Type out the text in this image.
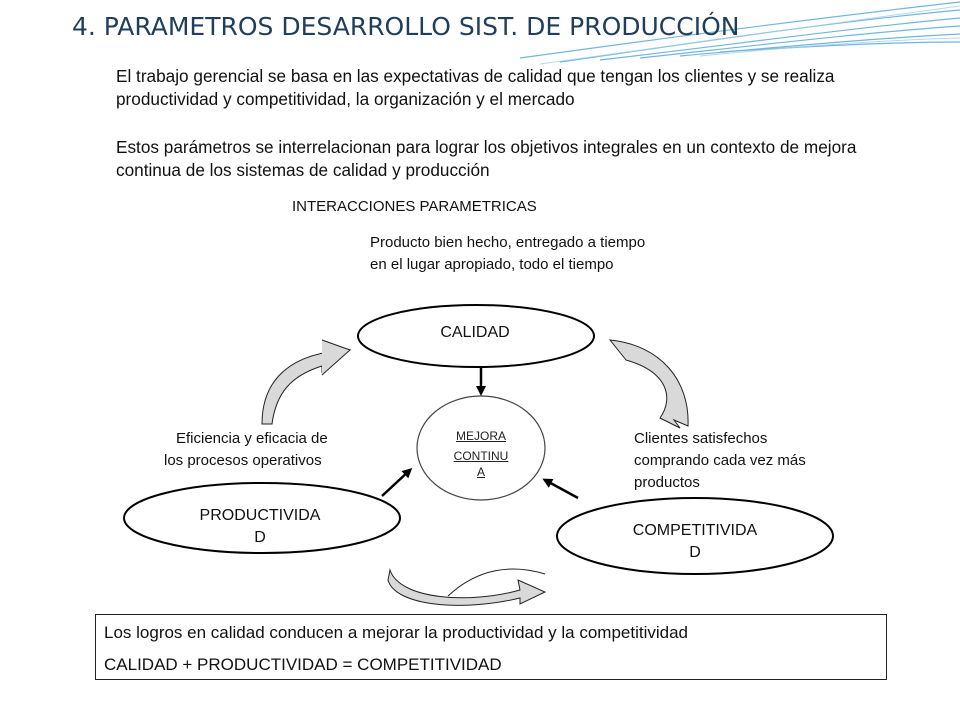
4. PARAMETROS DESARROLLO SIST. DE PRODUCCIÓN
El trabajo gerencial se basa en las expectativas de calidad que tengan los clientes y se realiza productividad y competitividad, la organización y el mercado
Estos parámetros se interrelacionan para lograr los objetivos integrales en un contexto de mejora continua de los sistemas de calidad y producción
INTERACCIONES PARAMETRICAS
Producto bien hecho, entregado a tiempo en el lugar apropiado, todo el tiempo
CALIDAD
MEJORA
CONTINU
A
Eficiencia y eficacia de los procesos operativos
Clientes satisfechos comprando cada vez más productos
PRODUCTIVIDA
D	COMPETITIVIDA
D
Los logros en calidad conducen a mejorar la productividad y la competitividad
CALIDAD + PRODUCTIVIDAD = COMPETITIVIDAD
